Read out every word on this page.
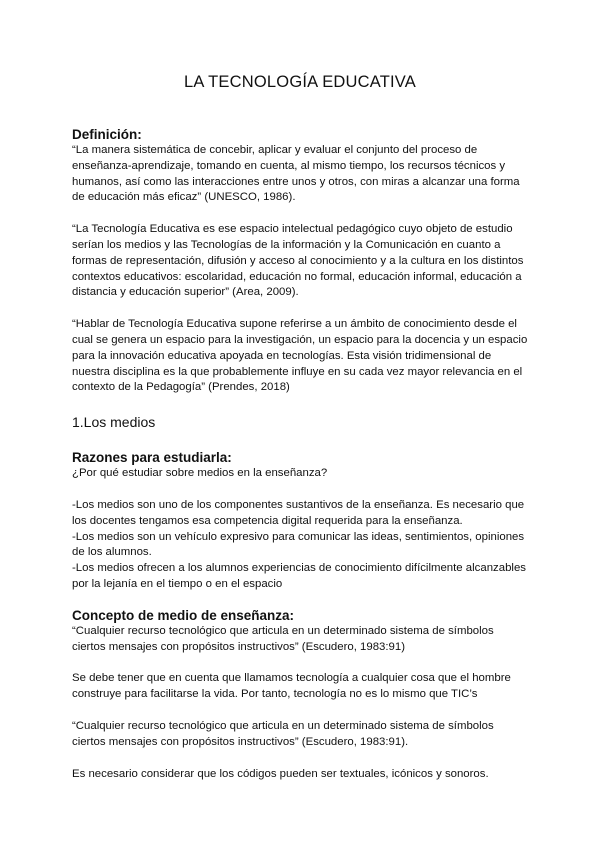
LA TECNOLOGÍA EDUCATIVA
Definición:

“La manera sistemática de concebir, aplicar y evaluar el conjunto del proceso de enseñanza-aprendizaje, tomando en cuenta, al mismo tiempo, los recursos técnicos y humanos, así como las interacciones entre unos y otros, con miras a alcanzar una forma de educación más eficaz” (UNESCO, 1986).

“La Tecnología Educativa es ese espacio intelectual pedagógico cuyo objeto de estudio serían los medios y las Tecnologías de la información y la Comunicación en cuanto a formas de representación, difusión y acceso al conocimiento y a la cultura en los distintos contextos educativos: escolaridad, educación no formal, educación informal, educación a distancia y educación superior” (Area, 2009).

“Hablar de Tecnología Educativa supone referirse a un ámbito de conocimiento desde el cual se genera un espacio para la investigación, un espacio para la docencia y un espacio para la innovación educativa apoyada en tecnologías. Esta visión tridimensional de nuestra disciplina es la que probablemente influye en su cada vez mayor relevancia en el contexto de la Pedagogía” (Prendes, 2018)

1.Los medios
Razones para estudiarla:

¿Por qué estudiar sobre medios en la enseñanza?

-Los medios son uno de los componentes sustantivos de la enseñanza. Es necesario que los docentes tengamos esa competencia digital requerida para la enseñanza.

-Los medios son un vehículo expresivo para comunicar las ideas, sentimientos, opiniones de los alumnos.

-Los medios ofrecen a los alumnos experiencias de conocimiento difícilmente alcanzables por la lejanía en el tiempo o en el espacio

Concepto de medio de enseñanza:

“Cualquier recurso tecnológico que articula en un determinado sistema de símbolos ciertos mensajes con propósitos instructivos” (Escudero, 1983:91)

Se debe tener que en cuenta que llamamos tecnología a cualquier cosa que el hombre construye para facilitarse la vida. Por tanto, tecnología no es lo mismo que TIC’s

“Cualquier recurso tecnológico que articula en un determinado sistema de símbolos ciertos mensajes con propósitos instructivos” (Escudero, 1983:91).

Es necesario considerar que los códigos pueden ser textuales, icónicos y sonoros.
